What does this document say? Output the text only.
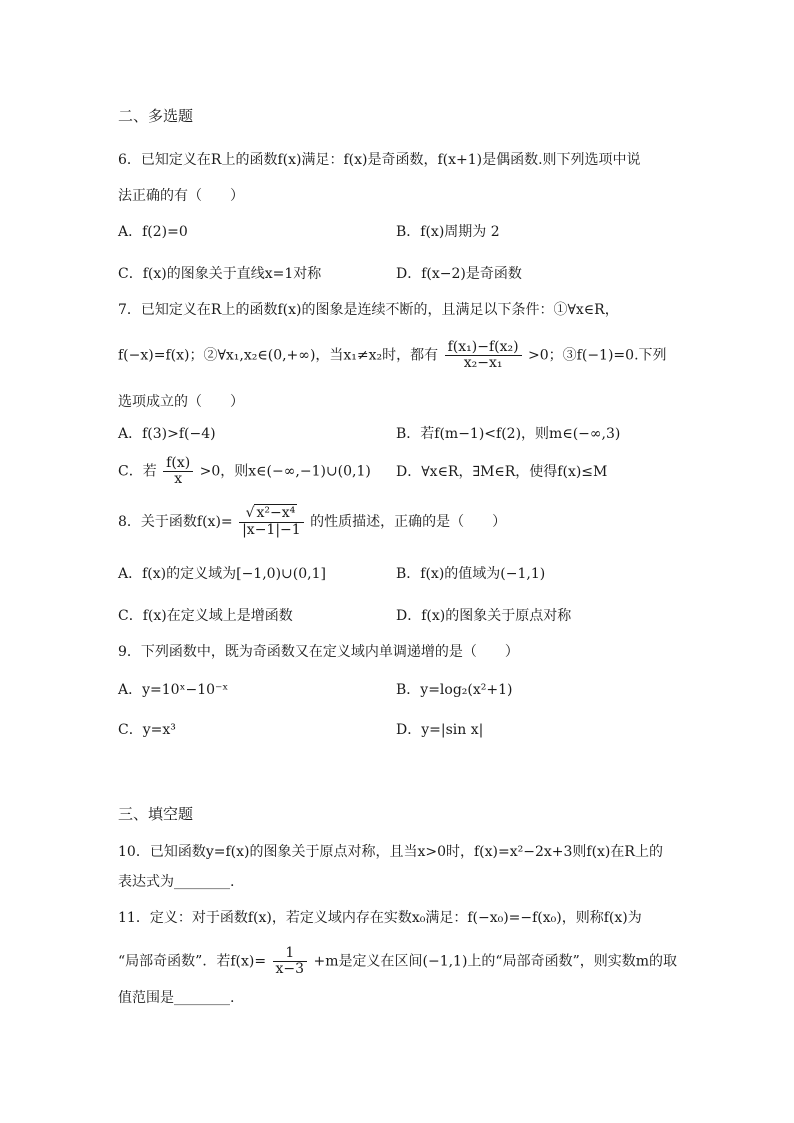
二、多选题
6．已知定义在R上的函数f(x)满足：f(x)是奇函数，f(x+1)是偶函数.则下列选项中说
法正确的有（　　）
A．f(2)=0	B．f(x)周期为 2
C．f(x)的图象关于直线x=1对称	D．f(x−2)是奇函数
7．已知定义在R上的函数f(x)的图象是连续不断的，且满足以下条件：①∀x∈R，
f(−x)=f(x)；②∀x₁,x₂∈(0,+∞)，当x₁≠x₂时，都有 $\frac{\text{f(x₁)−f(x₂)}}{\text{x₂−x₁}} >0$；③f(−1)=0.下列
选项成立的（　　）
A．f(3)>f(−4)	B．若f(m−1)<f(2)，则m∈(−∞,3)
C．若 $\frac{f(x)}{x} >0$，则x∈(−∞,−1)∪(0,1) D．∀x∈R，∃M∈R，使得f(x)≤M
8．关于函数$f(x)= \frac{\text{√ x²−x⁴}}{|x-1|-1}$ 的性质描述，正确的是（　　）
A．f(x)的定义域为[−1,0)∪(0,1]	B．f(x)的值域为(−1,1)
C．f(x)在定义域上是增函数	D．f(x)的图象关于原点对称
9．下列函数中，既为奇函数又在定义域内单调递增的是（　　）
A．y=10ˣ−10⁻ˣ	B．y=log₂(x²+1)
C．y=x³	D．y=|sin x|
三、填空题
10．已知函数y=f(x)的图象关于原点对称，且当x>0时，f(x)=x²−2x+3则f(x)在R上的
表达式为________.
11．定义：对于函数f(x)，若定义域内存在实数x₀满足：f(−x₀)=−f(x₀)，则称f(x)为
“局部奇函数”．若$f(x)= \frac{1}{x-3} +m$是定义在区间(−1,1)上的“局部奇函数”，则实数m的取
值范围是________.
